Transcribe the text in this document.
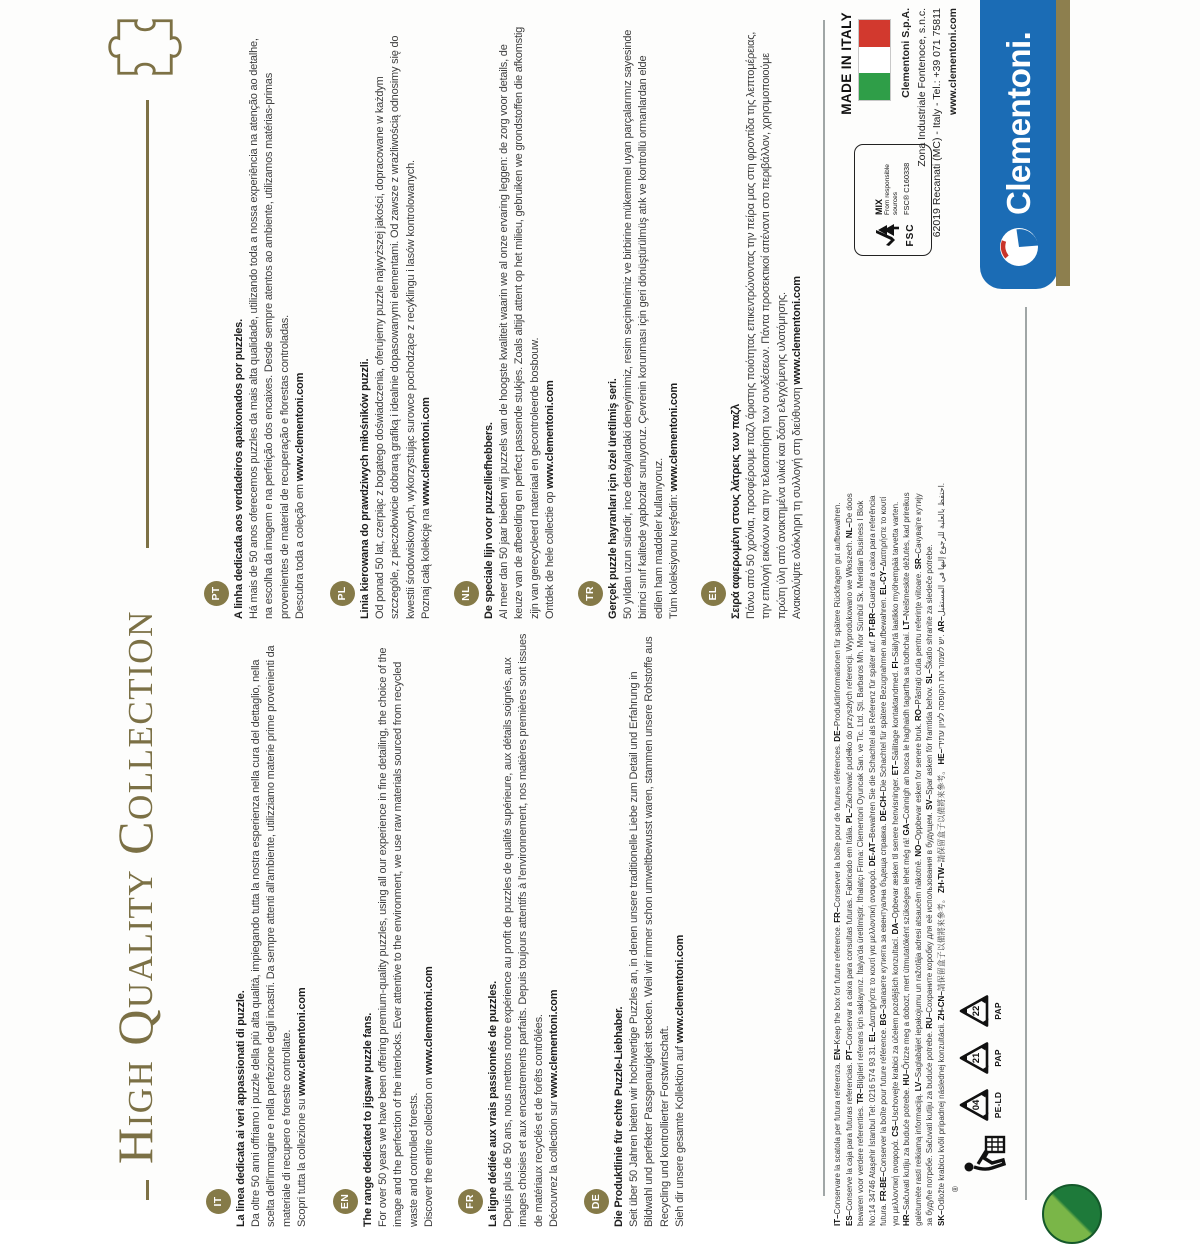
High Quality Collection
IT La linea dedicata ai veri appassionati di puzzle. Da oltre 50 anni offriamo i puzzle della più alta qualità, impiegando tutta la nostra esperienza nella cura del dettaglio, nella scelta dell'immagine e nella perfezione degli incastri. Da sempre attenti all'ambiente, utilizziamo materie prime provenienti da materiale di recupero e foreste controllate. Scopri tutta la collezione su www.clementoni.com
EN The range dedicated to jigsaw puzzle fans. For over 50 years we have been offering premium-quality puzzles, using all our experience in fine detailing, the choice of the image and the perfection of the interlocks. Ever attentive to the environment, we use raw materials sourced from recycled waste and controlled forests. Discover the entire collection on www.clementoni.com
FR La ligne dédiée aux vrais passionnés de puzzles. Depuis plus de 50 ans, nous mettons notre expérience au profit de puzzles de qualité supérieure, aux détails soignés, aux images choisies et aux encastrements parfaits. Depuis toujours attentifs à l'environnement, nos matières premières sont issues de matériaux recyclés et de forêts contrôlées. Découvrez la collection sur www.clementoni.com
DE Die Produktlinie für echte Puzzle-Liebhaber. Seit über 50 Jahren bieten wir hochwertige Puzzles an, in denen unsere traditionelle Liebe zum Detail und Erfahrung in Bildwahl und perfekter Passgenauigkeit stecken. Weil wir immer schon umweltbewusst waren, stammen unsere Rohstoffe aus Recycling und kontrollierter Forstwirtschaft. Sieh dir unsere gesamte Kollektion auf www.clementoni.com
PT A linha dedicada aos verdadeiros apaixonados por puzzles. Há mais de 50 anos oferecemos puzzles da mais alta qualidade, utilizando toda a nossa experiência na atenção ao detalhe, na escolha da imagem e na perfeição dos encaixes. Desde sempre atentos ao ambiente, utilizamos matérias-primas provenientes de material de recuperação e florestas controladas. Descubra toda a coleção em www.clementoni.com
PL Linia kierowana do prawdziwych miłośników puzzli. Od ponad 50 lat, czerpiąc z bogatego doświadczenia, oferujemy puzzle najwyższej jakości, dopracowane w każdym szczególe, z pieczołowicie dobraną grafiką i idealnie dopasowanymi elementami. Od zawsze z wrażliwością odnosimy się do kwestii środowiskowych, wykorzystując surowce pochodzące z recyklingu i lasów kontrolowanych. Poznaj całą kolekcję na www.clementoni.com
NL De speciale lijn voor puzzelliefhebbers. Al meer dan 50 jaar bieden wij puzzels van de hoogste kwaliteit waarin we al onze ervaring leggen: de zorg voor details, de keuze van de afbeelding en perfect passende stukjes. Zoals altijd attent op het milieu, gebruiken we grondstoffen die afkomstig zijn van gerecycleerd materiaal en gecontroleerde bosbouw. Ontdek de hele collectie op www.clementoni.com
TR Gerçek puzzle hayranları için özel üretilmiş seri. 50 yıldan uzun süredir, ince detaylardaki deneyimimiz, resim seçimlerimiz ve birbirine mükemmel uyan parçalarımız sayesinde birinci sınıf kalitede yapbozlar sunuyoruz. Çevrenin korunması için geri dönüştürülmüş atık ve kontrollü ormanlardan elde edilen ham maddeler kullanıyoruz. Tüm koleksiyonu keşfedin: www.clementoni.com
EL Σειρά αφιερωμένη στους λάτρεις των παζλ Πάνω από 50 χρόνια, προσφέρουμε παζλ άριστης ποιότητας επικεντρώνοντας την πείρα μας στη φροντίδα της λεπτομέρειας, την επιλογή εικόνων και την τελειοποίηση των συνδέσεων. Πάντα προσεκτικοί απέναντι στο περιβάλλον, χρησιμοποιούμε πρώτη ύλη από ανακτημένα υλικά και δάση ελεγχόμενης υλοτόμησης. Ανακαλύψτε ολόκληρη τη συλλογή στη διεύθυνση www.clementoni.com
IT–Conservare la scatola per futura referenza. EN–Keep the box for future reference. FR–Conserver la boîte pour de futures références. DE–Produktinformationen für spätere Rückfragen gut aufbewahren.
ES–Conserve la caja para futuras referencias. PT–Conservar a caixa para consultas futuras. Fabricado em Itália. PL–Zachować pudełko do przyszłych referencji. Wyprodukowano we Włoszech. NL–De doos
bewaren voor verdere referenties. TR–Bilgileri referans için saklayınız. İtalya'da üretilmiştir. İthalatçı Firma: Clementoni Oyuncak San. ve Tic. Ltd. Şti. Barbaros Mh. Mor Sümbül Sk. Meridian Business I Blok
No:14 34746 Ataşehir İstanbul Tel: 0216 574 93 31. EL–Διατηρήστε το κουτί για μελλοντική αναφορά. DE-AT–Bewahren Sie die Schachtel als Referenz für später auf. PT-BR–Guardar a caixa para referência
futura. FR-BE–Conserver la boîte pour future référence. BG–Запазете кутията за евентуална бъдеща справка. DE-CH–Die Schachtel für spätere Bezugnahmen aufbewahren. EL-CY–Διατηρήστε το κουτί
για μελλοντική αναφορά. CS–Uschovejte krabici za účelem pozdějších konzultací. DA–Opbevar æsken til senere henvisninger. ET–Säilitage kontaktandmed. FI–Säilytä laatikko myöhempää tarvetta varten.
HR–Sačuvati kutiju za buduće potrebe. HU–Őrizze meg a dobozt, mert útmutatóként szükséges lehet még rá! GA–Coinnigh an bosca le haghaidh tagartha sa todhchaí. LT–Neišmeskite dėžutės, kad prireikus
galėtumėte rasti reikiamą informaciją. LV–Saglabājiet iepakojumu un ražotāja adresi atsaucēm nākotnē. NO–Oppbevar esken for senere bruk. RO–Păstrați cutia pentru referințe viitoare. SR–Сачувајте кутију
за будуће потребе. Sačuvati kutiju za buduće potrebe. RU–Сохраните коробку для её использования в будущем. SV–Spar asken för framtida behov. SL–Škatlo shranite za sledeče potrebe.
SK–Odložte krabicu kvôli prípadnej následnej konzultácii. ZH-CN–請保留盒子以備將來參考。 ZH-TW–請保留盒子以備將來參考。 HE–יש לשמור את הקופסה לעיון עתידי. AR–احتفظ بالعلبة للرجوع إليها في المستقبل.
®
04 PE-LD
21 PAP
22 PAP
MADE IN ITALY
FSC
MIX From responsible sources FSC® C160338
Clementoni S.p.A. Zona Industriale Fontenoce, s.n.c. 62019 Recanati (MC) - Italy - Tel.: +39 071 75811 www.clementoni.com Clementoni.
